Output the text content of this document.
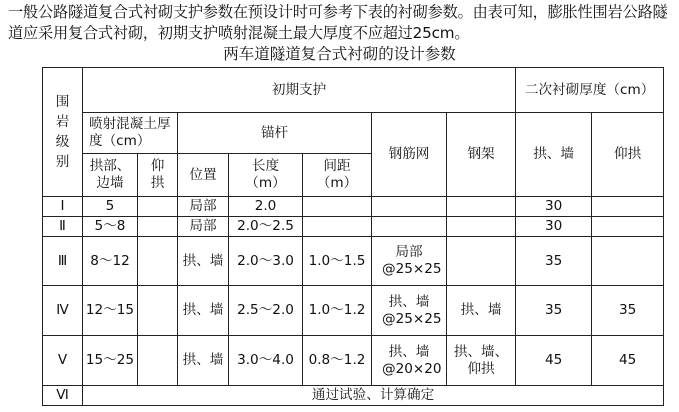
一般公路隧道复合式衬砌支护参数在预设计时可参考下表的衬砌参数。由表可知，膨胀性围岩公路隧道应采用复合式衬砌，初期支护喷射混凝土最大厚度不应超过25cm。

两车道隧道复合式衬砌的设计参数

围岩级别	初期支护							二次衬砌厚度（cm）	
	喷射混凝土厚度（cm）		锚杆			钢筋网	钢架	拱、墙	仰拱
	拱部、边墙	仰拱	位置	长度（m）	间距（m）				
Ⅰ	5		局部	2.0				30	
Ⅱ	5～8		局部	2.0～2.5				30	
Ⅲ	8～12		拱、墙	2.0～3.0	1.0～1.5	局部 @25×25		35	
Ⅳ	12～15		拱、墙	2.5～2.0	1.0～1.2	拱、墙 @25×25	拱、墙	35	35
Ⅴ	15～25		拱、墙	3.0～4.0	0.8～1.2	拱、墙 @20×20	拱、墙、仰拱	45	45
Ⅵ	通过试验、计算确定								
